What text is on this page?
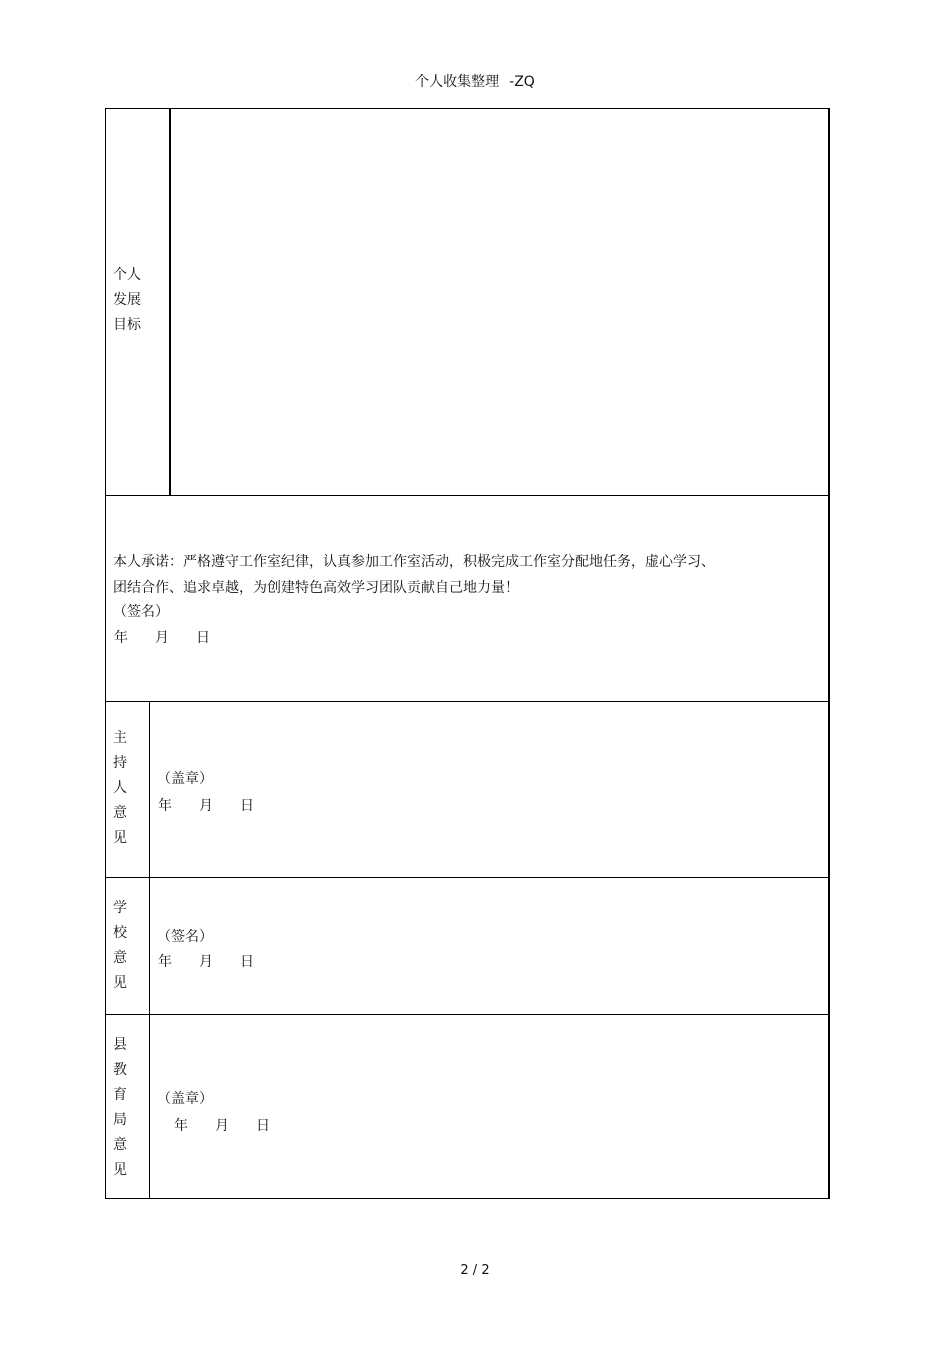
个人收集整理 -ZQ
个人
发展
目标
本人承诺：严格遵守工作室纪律，认真参加工作室活动，积极完成工作室分配地任务，虚心学习、
团结合作、追求卓越，为创建特色高效学习团队贡献自己地力量！
（签名）
年 月 日
主
持
人
意
见
（盖章）
年 月 日
学
校
意
见
（签名）
年 月 日
县
教
育
局
意
见
（盖章）
年 月 日
2 / 2
